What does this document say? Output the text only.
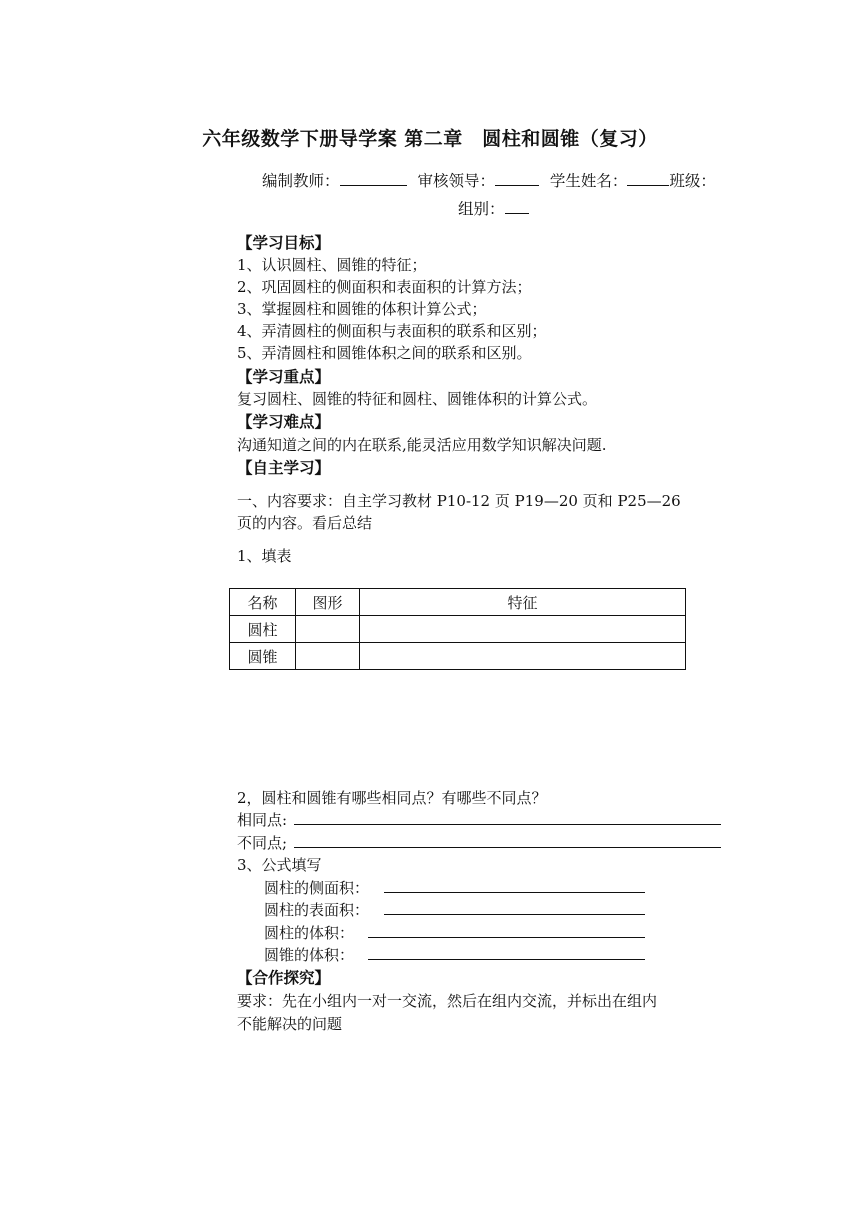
六年级数学下册导学案 第二章　圆柱和圆锥（复习）
编制教师：	审核领导：	学生姓名：	班级：
组别：
【学习目标】
1、认识圆柱、圆锥的特征；
2、巩固圆柱的侧面积和表面积的计算方法；
3、掌握圆柱和圆锥的体积计算公式；
4、弄清圆柱的侧面积与表面积的联系和区别；
5、弄清圆柱和圆锥体积之间的联系和区别。
【学习重点】
复习圆柱、圆锥的特征和圆柱、圆锥体积的计算公式。
【学习难点】
沟通知道之间的内在联系,能灵活应用数学知识解决问题.
【自主学习】
一、内容要求：自主学习教材 P10-12 页 P19—20 页和 P25—26
页的内容。看后总结
1、填表
名称	图形	特征
圆柱		
圆锥		
2，圆柱和圆锥有哪些相同点？有哪些不同点？
相同点:
不同点;
3、公式填写
圆柱的侧面积：
圆柱的表面积：
圆柱的体积：
圆锥的体积：
【合作探究】
要求：先在小组内一对一交流，然后在组内交流，并标出在组内
不能解决的问题
